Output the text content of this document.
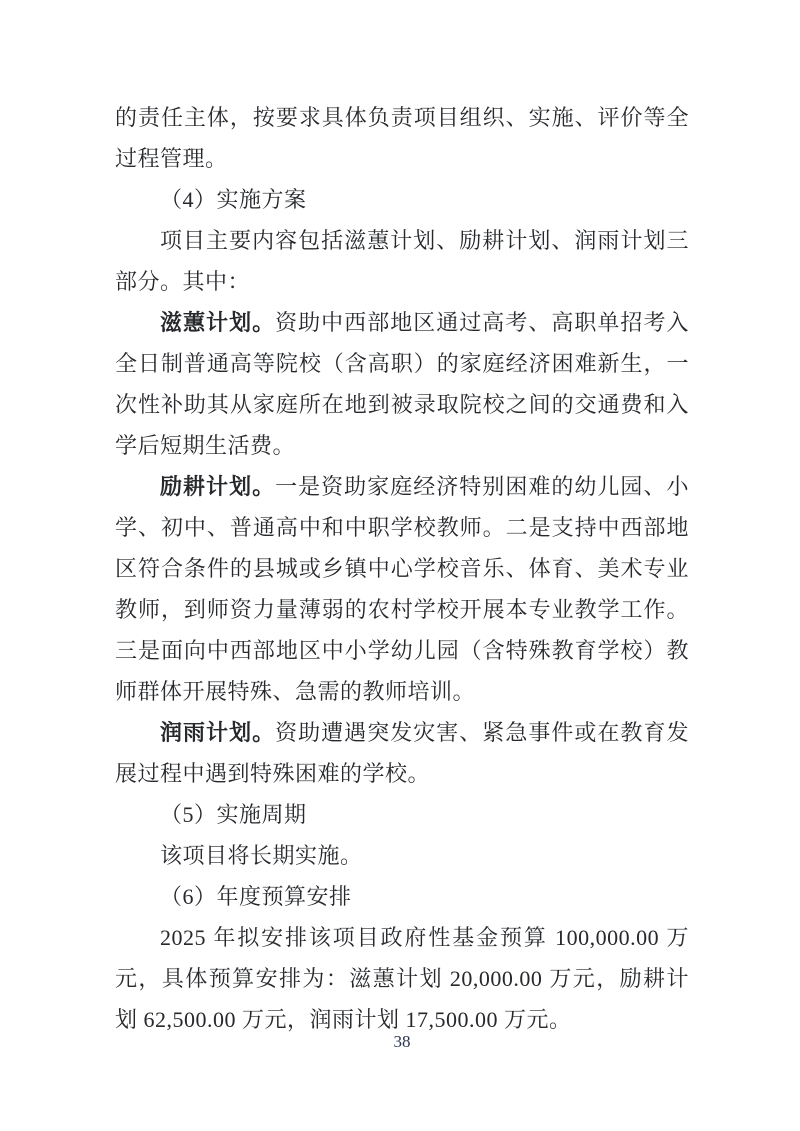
的责任主体，按要求具体负责项目组织、实施、评价等全过程管理。

（4）实施方案

项目主要内容包括滋蕙计划、励耕计划、润雨计划三部分。其中：

滋蕙计划。资助中西部地区通过高考、高职单招考入全日制普通高等院校（含高职）的家庭经济困难新生，一次性补助其从家庭所在地到被录取院校之间的交通费和入学后短期生活费。

励耕计划。一是资助家庭经济特别困难的幼儿园、小学、初中、普通高中和中职学校教师。二是支持中西部地区符合条件的县城或乡镇中心学校音乐、体育、美术专业教师，到师资力量薄弱的农村学校开展本专业教学工作。三是面向中西部地区中小学幼儿园（含特殊教育学校）教师群体开展特殊、急需的教师培训。

润雨计划。资助遭遇突发灾害、紧急事件或在教育发展过程中遇到特殊困难的学校。

（5）实施周期

该项目将长期实施。

（6）年度预算安排

2025 年拟安排该项目政府性基金预算 100,000.00 万元，具体预算安排为：滋蕙计划 20,000.00 万元，励耕计划 62,500.00 万元，润雨计划 17,500.00 万元。

38
